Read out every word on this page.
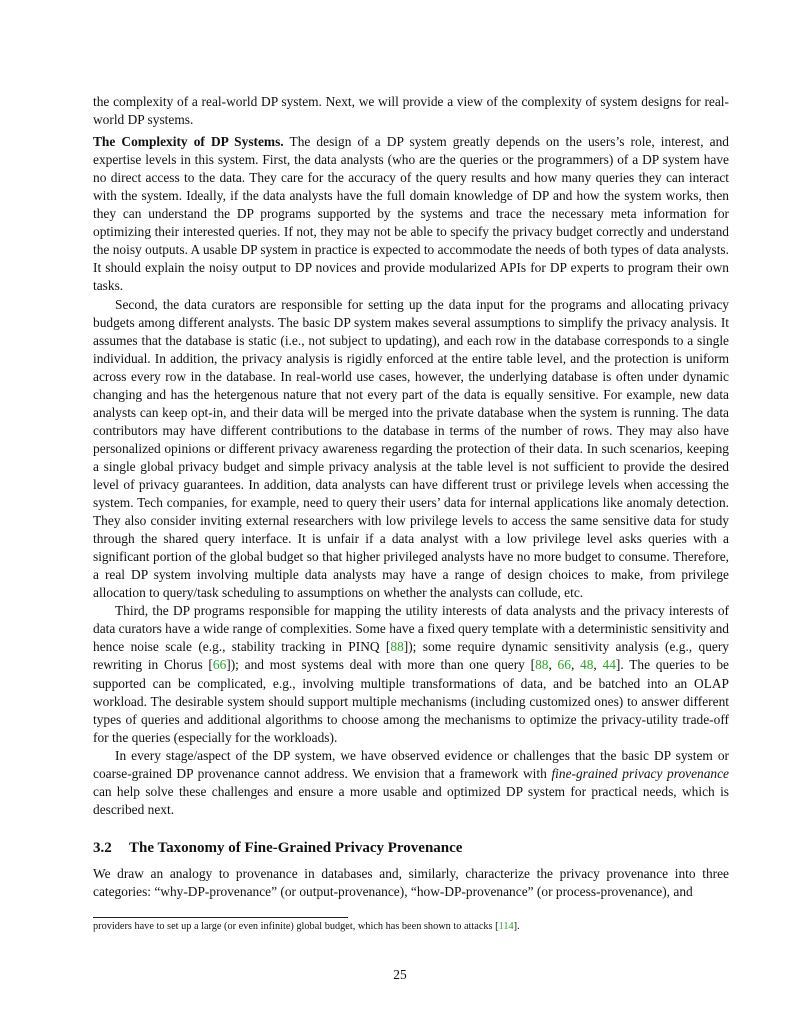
the complexity of a real-world DP system. Next, we will provide a view of the complexity of system designs for real-world DP systems.

The Complexity of DP Systems. The design of a DP system greatly depends on the users’s role, interest, and expertise levels in this system. First, the data analysts (who are the queries or the programmers) of a DP system have no direct access to the data. They care for the accuracy of the query results and how many queries they can interact with the system. Ideally, if the data analysts have the full domain knowledge of DP and how the system works, then they can understand the DP programs supported by the systems and trace the necessary meta information for optimizing their interested queries. If not, they may not be able to specify the privacy budget correctly and understand the noisy outputs. A usable DP system in practice is expected to accommodate the needs of both types of data analysts. It should explain the noisy output to DP novices and provide modularized APIs for DP experts to program their own tasks.

Second, the data curators are responsible for setting up the data input for the programs and allocating privacy budgets among different analysts. The basic DP system makes several assumptions to simplify the privacy analysis. It assumes that the database is static (i.e., not subject to updating), and each row in the database corresponds to a single individual. In addition, the privacy analysis is rigidly enforced at the entire table level, and the protection is uniform across every row in the database. In real-world use cases, however, the underlying database is often under dynamic changing and has the hetergenous nature that not every part of the data is equally sensitive. For example, new data analysts can keep opt-in, and their data will be merged into the private database when the system is running. The data contributors may have different contributions to the database in terms of the number of rows. They may also have personalized opinions or different privacy awareness regarding the protection of their data. In such scenarios, keeping a single global privacy budget and simple privacy analysis at the table level is not sufficient to provide the desired level of privacy guarantees. In addition, data analysts can have different trust or privilege levels when accessing the system. Tech companies, for example, need to query their users’ data for internal applications like anomaly detection. They also consider inviting external researchers with low privilege levels to access the same sensitive data for study through the shared query interface. It is unfair if a data analyst with a low privilege level asks queries with a significant portion of the global budget so that higher privileged analysts have no more budget to consume. Therefore, a real DP system involving multiple data analysts may have a range of design choices to make, from privilege allocation to query/task scheduling to assumptions on whether the analysts can collude, etc.

Third, the DP programs responsible for mapping the utility interests of data analysts and the privacy interests of data curators have a wide range of complexities. Some have a fixed query template with a deterministic sensitivity and hence noise scale (e.g., stability tracking in PINQ [88]); some require dynamic sensitivity analysis (e.g., query rewriting in Chorus [66]); and most systems deal with more than one query [88, 66, 48, 44]. The queries to be supported can be complicated, e.g., involving multiple transformations of data, and be batched into an OLAP workload. The desirable system should support multiple mechanisms (including customized ones) to answer different types of queries and additional algorithms to choose among the mechanisms to optimize the privacy-utility trade-off for the queries (especially for the workloads).

In every stage/aspect of the DP system, we have observed evidence or challenges that the basic DP system or coarse-grained DP provenance cannot address. We envision that a framework with fine-grained privacy provenance can help solve these challenges and ensure a more usable and optimized DP system for practical needs, which is described next.

3.2 The Taxonomy of Fine-Grained Privacy Provenance

We draw an analogy to provenance in databases and, similarly, characterize the privacy provenance into three categories: “why-DP-provenance” (or output-provenance), “how-DP-provenance” (or process-provenance), and

providers have to set up a large (or even infinite) global budget, which has been shown to attacks [114].
25
